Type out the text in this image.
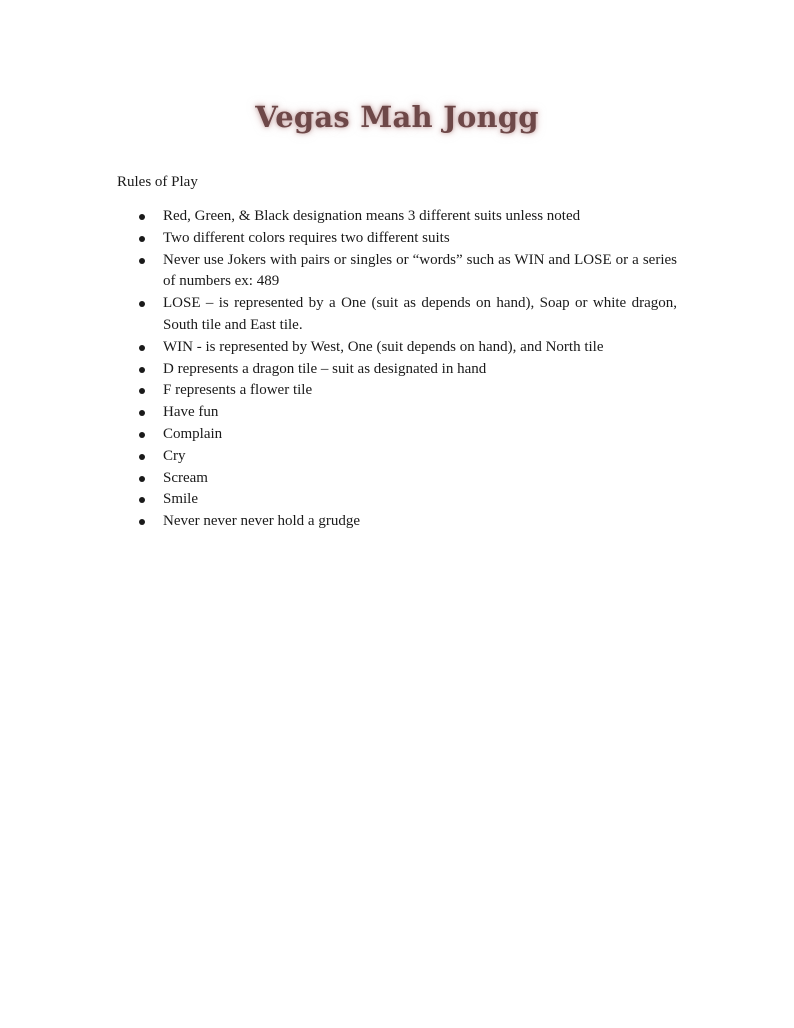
Vegas Mah Jongg
Rules of Play
Red, Green, & Black designation means 3 different suits unless noted
Two different colors requires two different suits
Never use Jokers with pairs or singles or “words” such as WIN and LOSE or a series of numbers ex: 489
LOSE – is represented by a One (suit as depends on hand), Soap or white dragon, South tile and East tile.
WIN - is represented by West, One (suit depends on hand), and North tile
D represents a dragon tile – suit as designated in hand
F represents a flower tile
Have fun
Complain
Cry
Scream
Smile
Never never never hold a grudge
